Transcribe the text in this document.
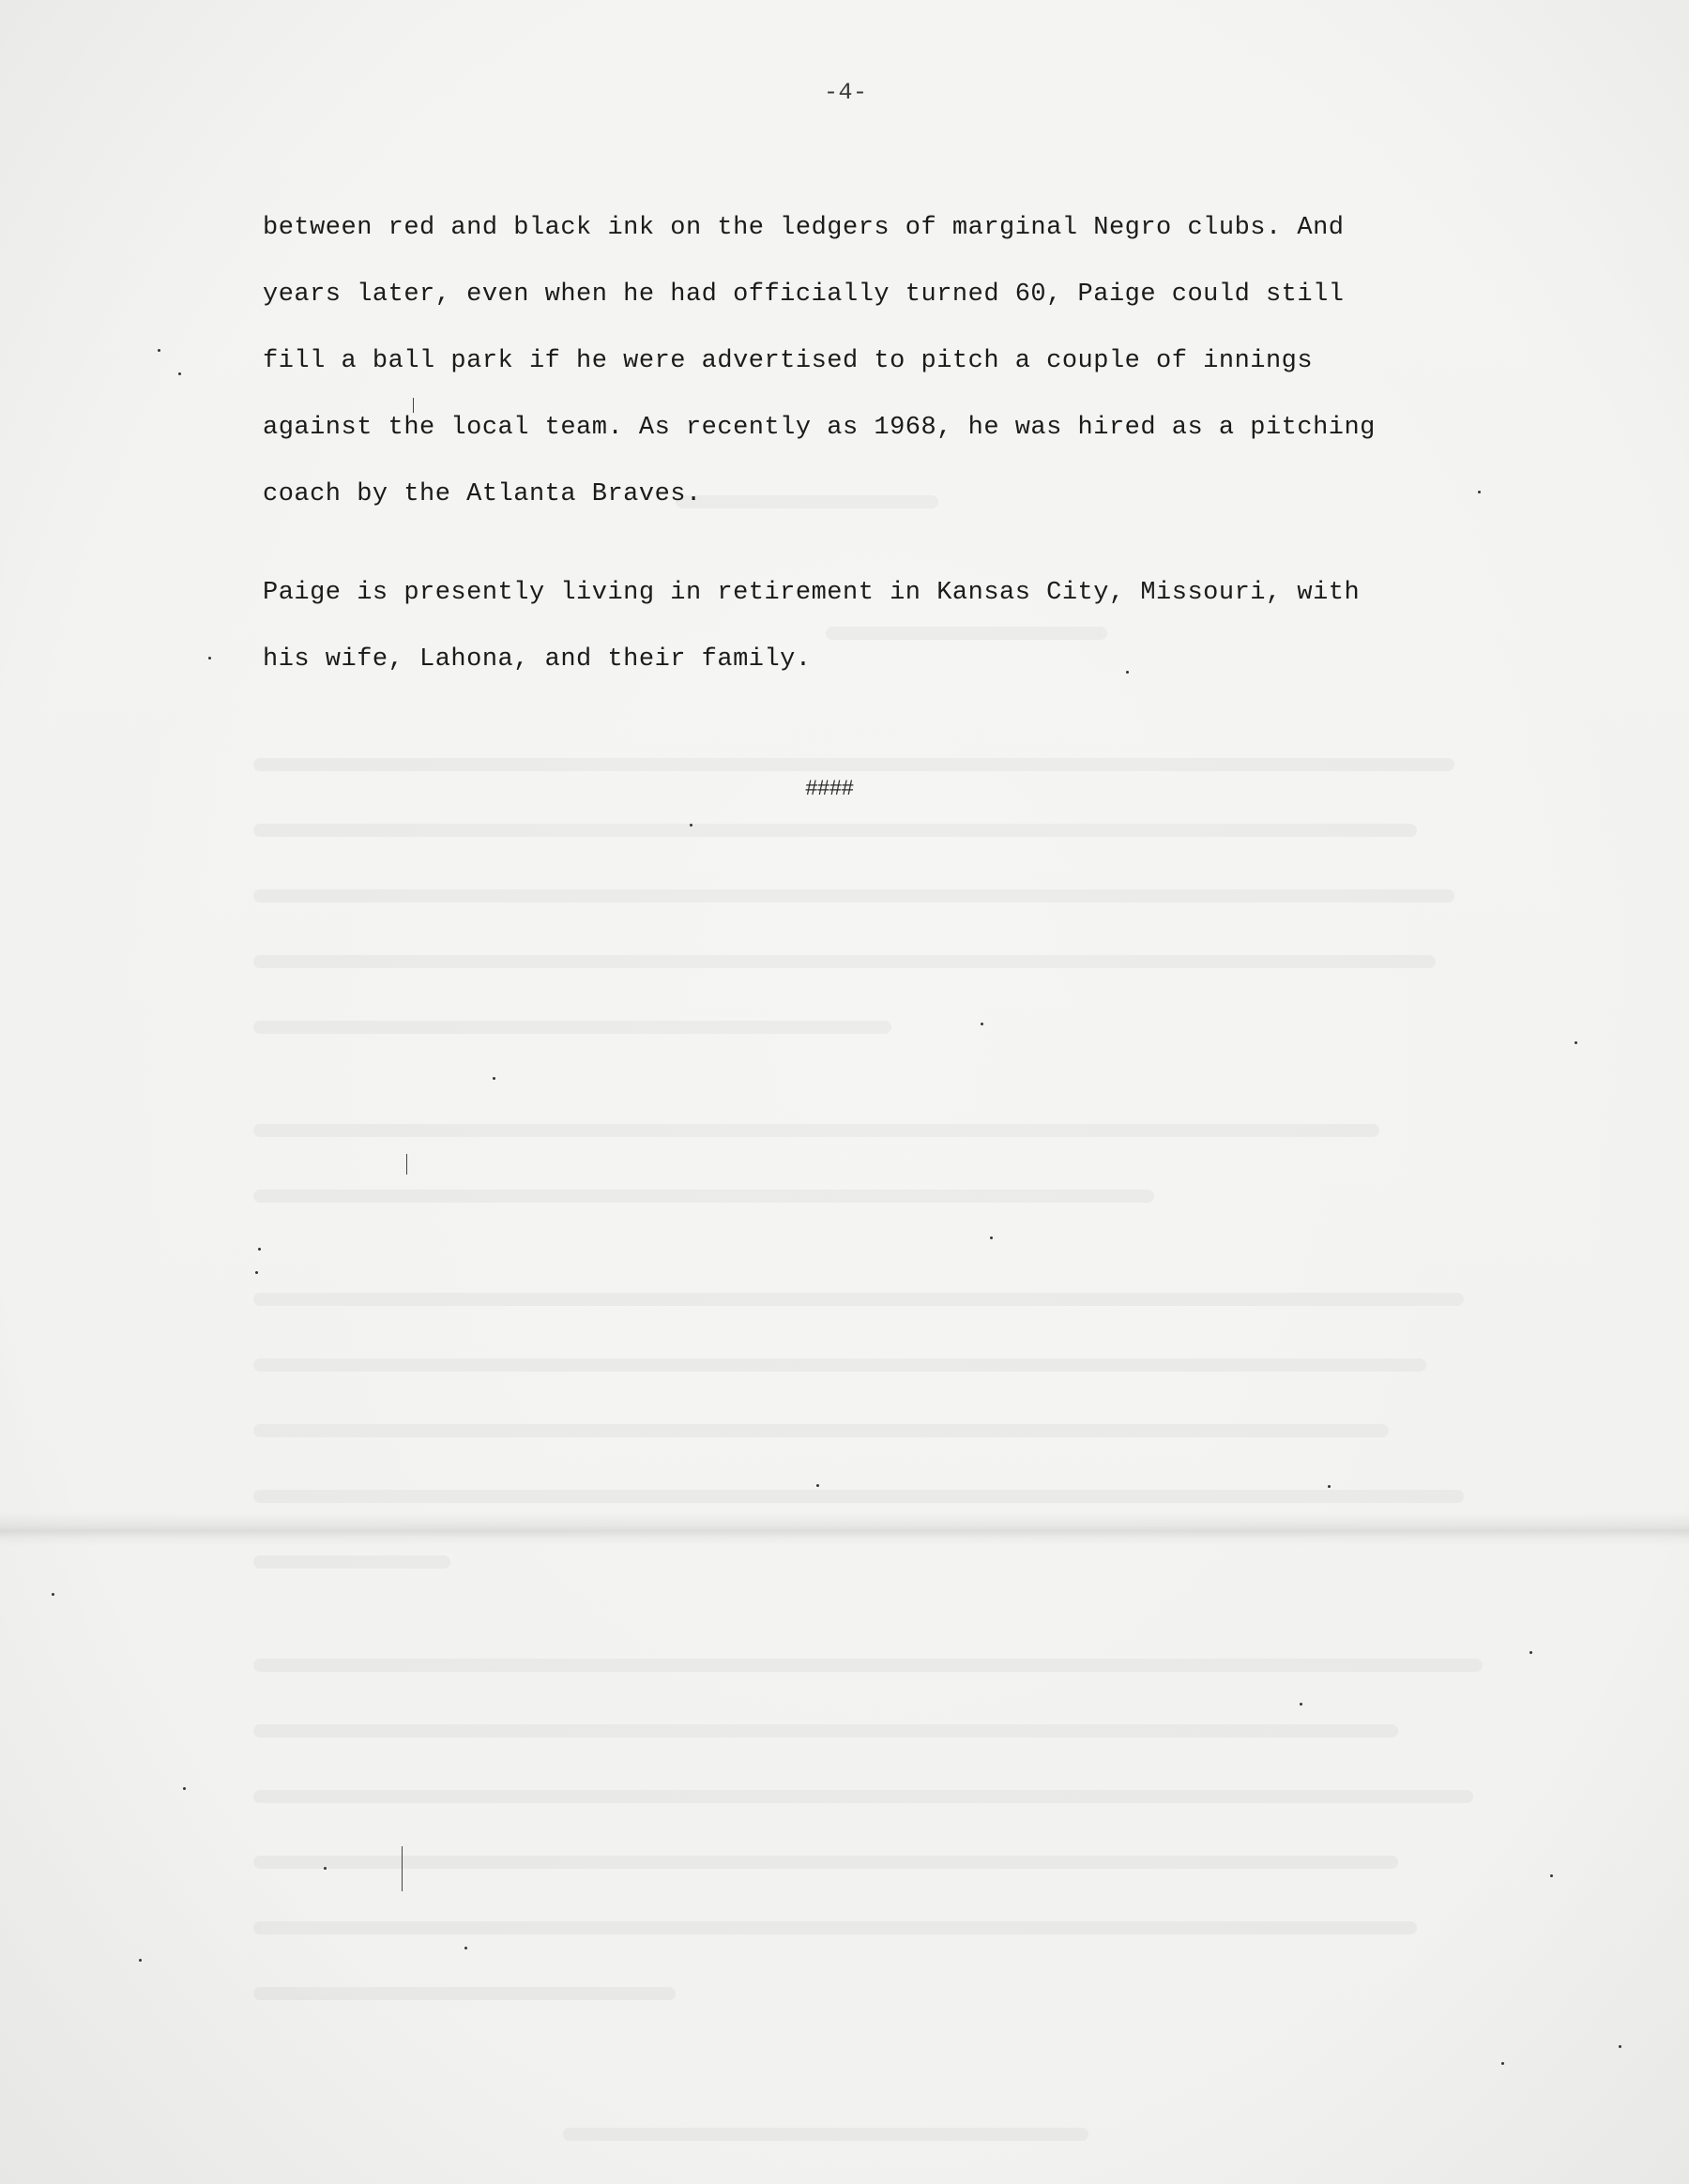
-4-
between red and black ink on the ledgers of marginal Negro clubs. And
years later, even when he had officially turned 60, Paige could still
fill a ball park if he were advertised to pitch a couple of innings
against the local team. As recently as 1968, he was hired as a pitching
coach by the Atlanta Braves.
Paige is presently living in retirement in Kansas City, Missouri, with
his wife, Lahona, and their family.
####
